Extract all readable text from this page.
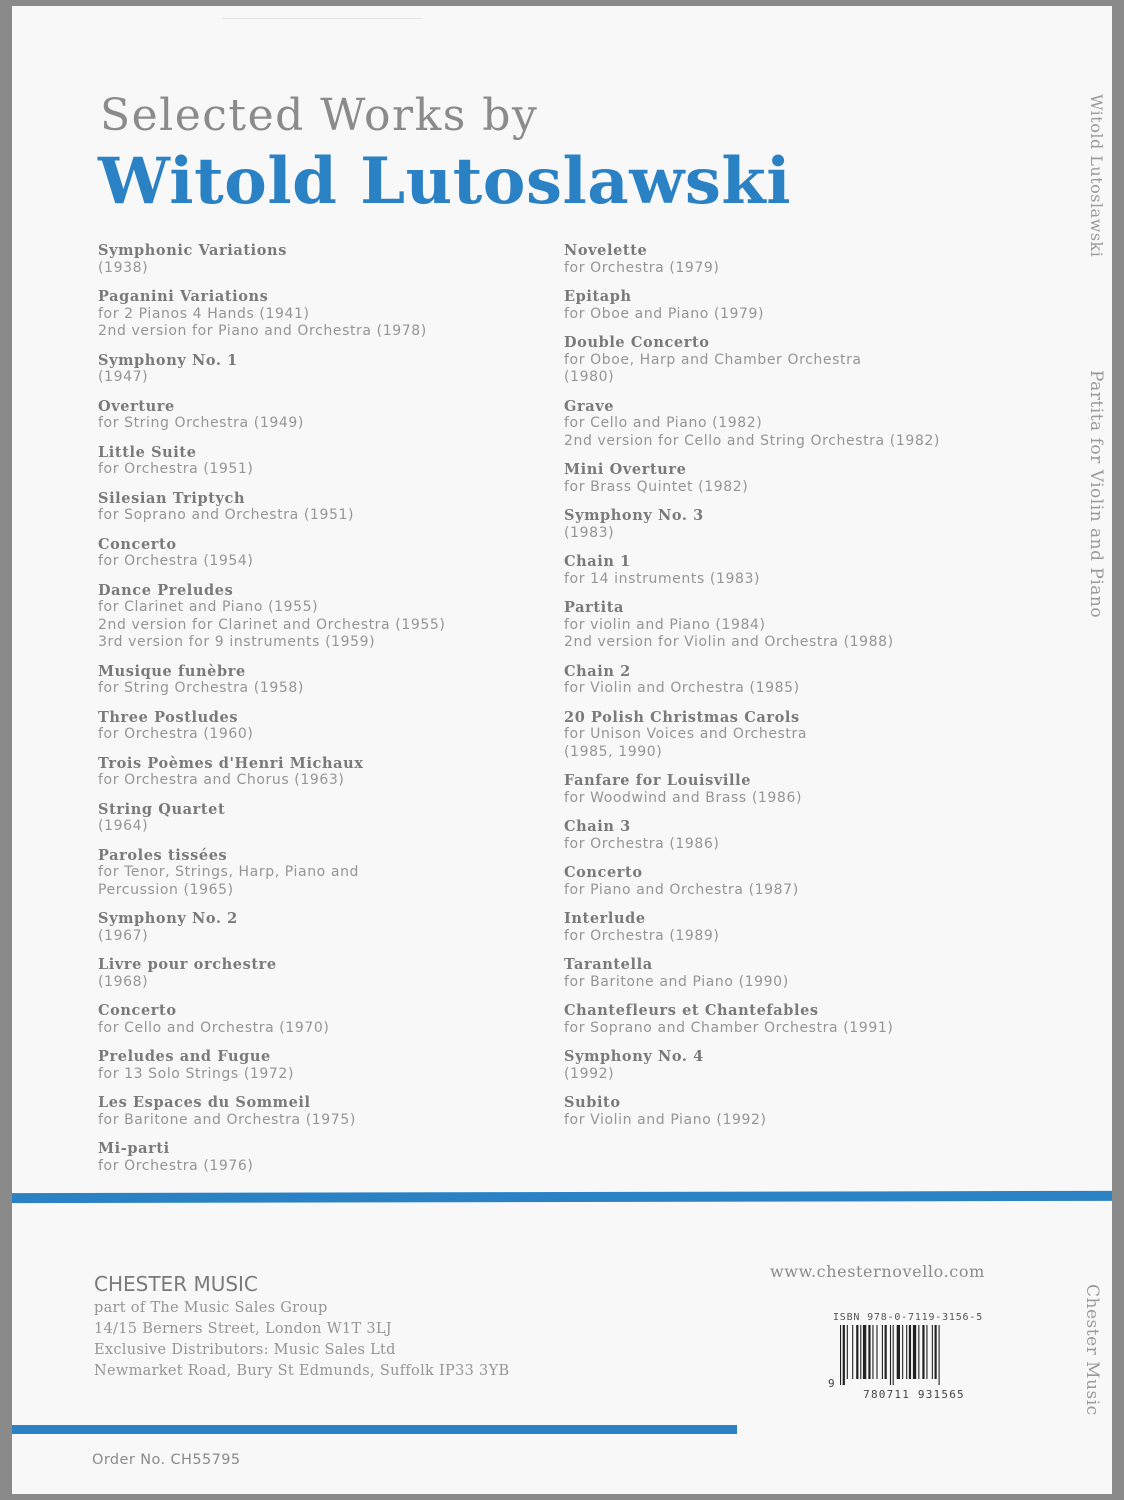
Selected Works by
Witold Lutoslawski
Symphonic Variations
(1938)
Paganini Variations
for 2 Pianos 4 Hands (1941)
2nd version for Piano and Orchestra (1978)
Symphony No. 1
(1947)
Overture
for String Orchestra (1949)
Little Suite
for Orchestra (1951)
Silesian Triptych
for Soprano and Orchestra (1951)
Concerto
for Orchestra (1954)
Dance Preludes
for Clarinet and Piano (1955)
2nd version for Clarinet and Orchestra (1955)
3rd version for 9 instruments (1959)
Musique funèbre
for String Orchestra (1958)
Three Postludes
for Orchestra (1960)
Trois Poèmes d'Henri Michaux
for Orchestra and Chorus (1963)
String Quartet
(1964)
Paroles tissées
for Tenor, Strings, Harp, Piano and
Percussion (1965)
Symphony No. 2
(1967)
Livre pour orchestre
(1968)
Concerto
for Cello and Orchestra (1970)
Preludes and Fugue
for 13 Solo Strings (1972)
Les Espaces du Sommeil
for Baritone and Orchestra (1975)
Mi-parti
for Orchestra (1976)
Novelette
for Orchestra (1979)
Epitaph
for Oboe and Piano (1979)
Double Concerto
for Oboe, Harp and Chamber Orchestra
(1980)
Grave
for Cello and Piano (1982)
2nd version for Cello and String Orchestra (1982)
Mini Overture
for Brass Quintet (1982)
Symphony No. 3
(1983)
Chain 1
for 14 instruments (1983)
Partita
for violin and Piano (1984)
2nd version for Violin and Orchestra (1988)
Chain 2
for Violin and Orchestra (1985)
20 Polish Christmas Carols
for Unison Voices and Orchestra
(1985, 1990)
Fanfare for Louisville
for Woodwind and Brass (1986)
Chain 3
for Orchestra (1986)
Concerto
for Piano and Orchestra (1987)
Interlude
for Orchestra (1989)
Tarantella
for Baritone and Piano (1990)
Chantefleurs et Chantefables
for Soprano and Chamber Orchestra (1991)
Symphony No. 4
(1992)
Subito
for Violin and Piano (1992)
Witold Lutoslawski
Partita for Violin and Piano
Chester Music
CHESTER MUSIC
part of The Music Sales Group
14/15 Berners Street, London W1T 3LJ
Exclusive Distributors: Music Sales Ltd
Newmarket Road, Bury St Edmunds, Suffolk IP33 3YB
www.chesternovello.com
ISBN 978-0-7119-3156-5
9
780711 931565
Order No. CH55795
